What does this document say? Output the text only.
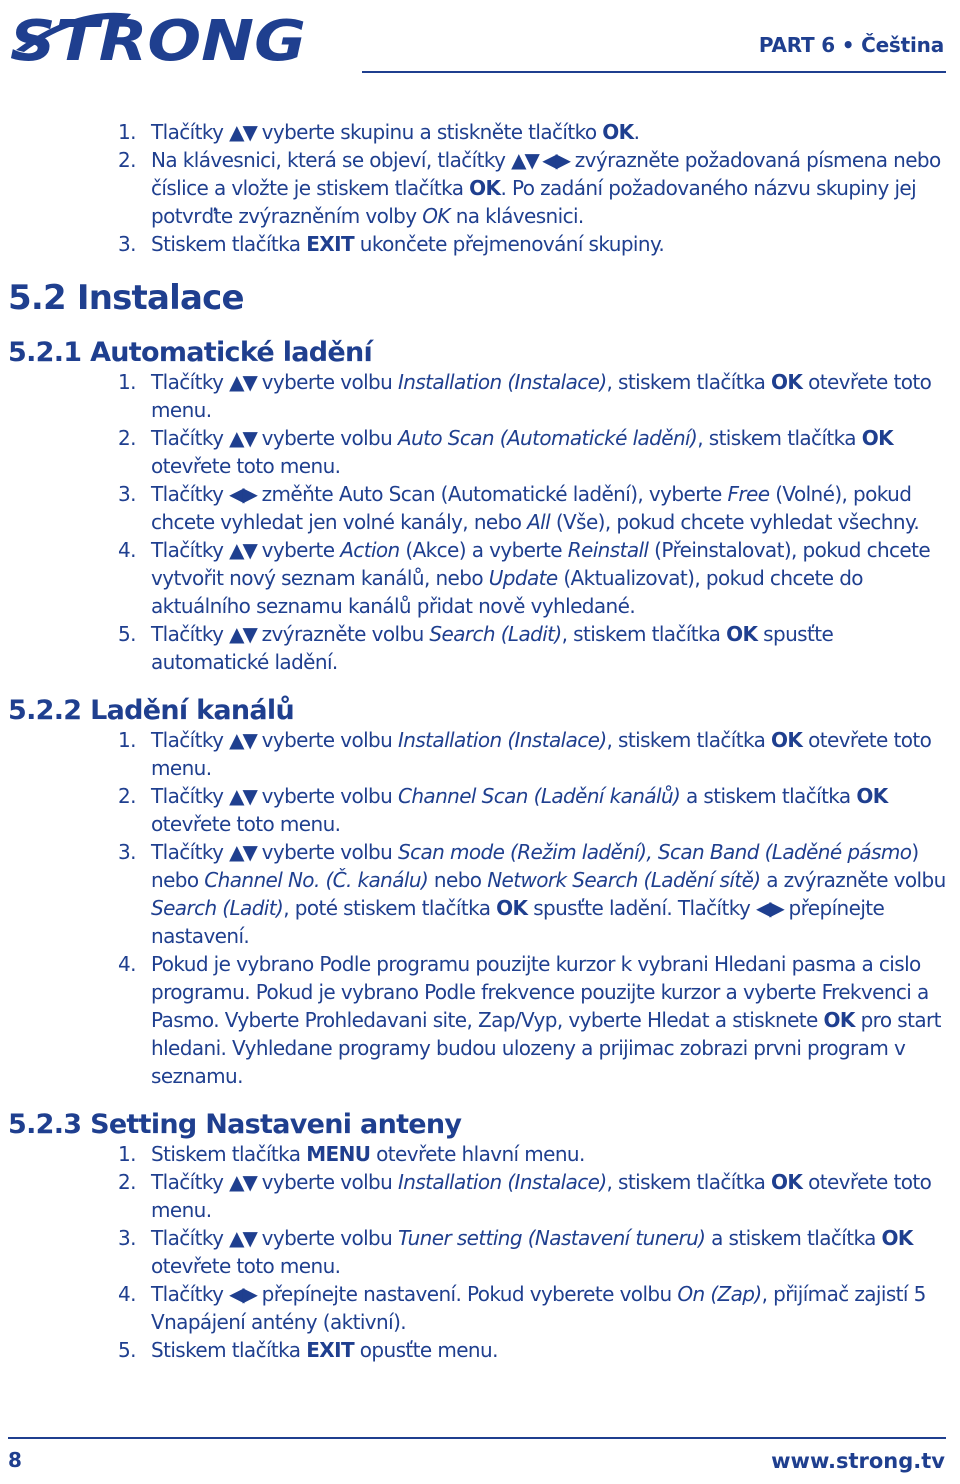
STRONG	PART 6 • Čeština
1. Tlačítky ▲▼ vyberte skupinu a stiskněte tlačítko OK.
2. Na klávesnici, která se objeví, tlačítky ▲▼ ◀▶ zvýrazněte požadovaná písmena nebo číslice a vložte je stiskem tlačítka OK. Po zadání požadovaného názvu skupiny jej potvrďte zvýrazněním volby OK na klávesnici.
3. Stiskem tlačítka EXIT ukončete přejmenování skupiny.
5.2 Instalace
5.2.1 Automatické ladění
1. Tlačítky ▲▼ vyberte volbu Installation (Instalace), stiskem tlačítka OK otevřete toto menu.
2. Tlačítky ▲▼ vyberte volbu Auto Scan (Automatické ladění), stiskem tlačítka OK otevřete toto menu.
3. Tlačítky ◀▶ změňte Auto Scan (Automatické ladění), vyberte Free (Volné), pokud chcete vyhledat jen volné kanály, nebo All (Vše), pokud chcete vyhledat všechny.
4. Tlačítky ▲▼ vyberte Action (Akce) a vyberte Reinstall (Přeinstalovat), pokud chcete vytvořit nový seznam kanálů, nebo Update (Aktualizovat), pokud chcete do aktuálního seznamu kanálů přidat nově vyhledané.
5. Tlačítky ▲▼ zvýrazněte volbu Search (Ladit), stiskem tlačítka OK spusťte automatické ladění.
5.2.2 Ladění kanálů
1. Tlačítky ▲▼ vyberte volbu Installation (Instalace), stiskem tlačítka OK otevřete toto menu.
2. Tlačítky ▲▼ vyberte volbu Channel Scan (Ladění kanálů) a stiskem tlačítka OK otevřete toto menu.
3. Tlačítky ▲▼ vyberte volbu Scan mode (Režim ladění), Scan Band (Laděné pásmo) nebo Channel No. (Č. kanálu) nebo Network Search (Ladění sítě) a zvýrazněte volbu Search (Ladit), poté stiskem tlačítka OK spusťte ladění. Tlačítky ◀▶ přepínejte nastavení.
4. Pokud je vybrano Podle programu pouzijte kurzor k vybrani Hledani pasma a cislo programu. Pokud je vybrano Podle frekvence pouzijte kurzor a vyberte Frekvenci a Pasmo. Vyberte Prohledavani site, Zap/Vyp, vyberte Hledat a stisknete OK pro start hledani. Vyhledane programy budou ulozeny a prijimac zobrazi prvni program v seznamu.
5.2.3 Setting Nastaveni anteny
1. Stiskem tlačítka MENU otevřete hlavní menu.
2. Tlačítky ▲▼ vyberte volbu Installation (Instalace), stiskem tlačítka OK otevřete toto menu.
3. Tlačítky ▲▼ vyberte volbu Tuner setting (Nastavení tuneru) a stiskem tlačítka OK otevřete toto menu.
4. Tlačítky ◀▶ přepínejte nastavení. Pokud vyberete volbu On (Zap), přijímač zajistí 5 Vnapájení antény (aktivní).
5. Stiskem tlačítka EXIT opusťte menu.
8	www.strong.tv
